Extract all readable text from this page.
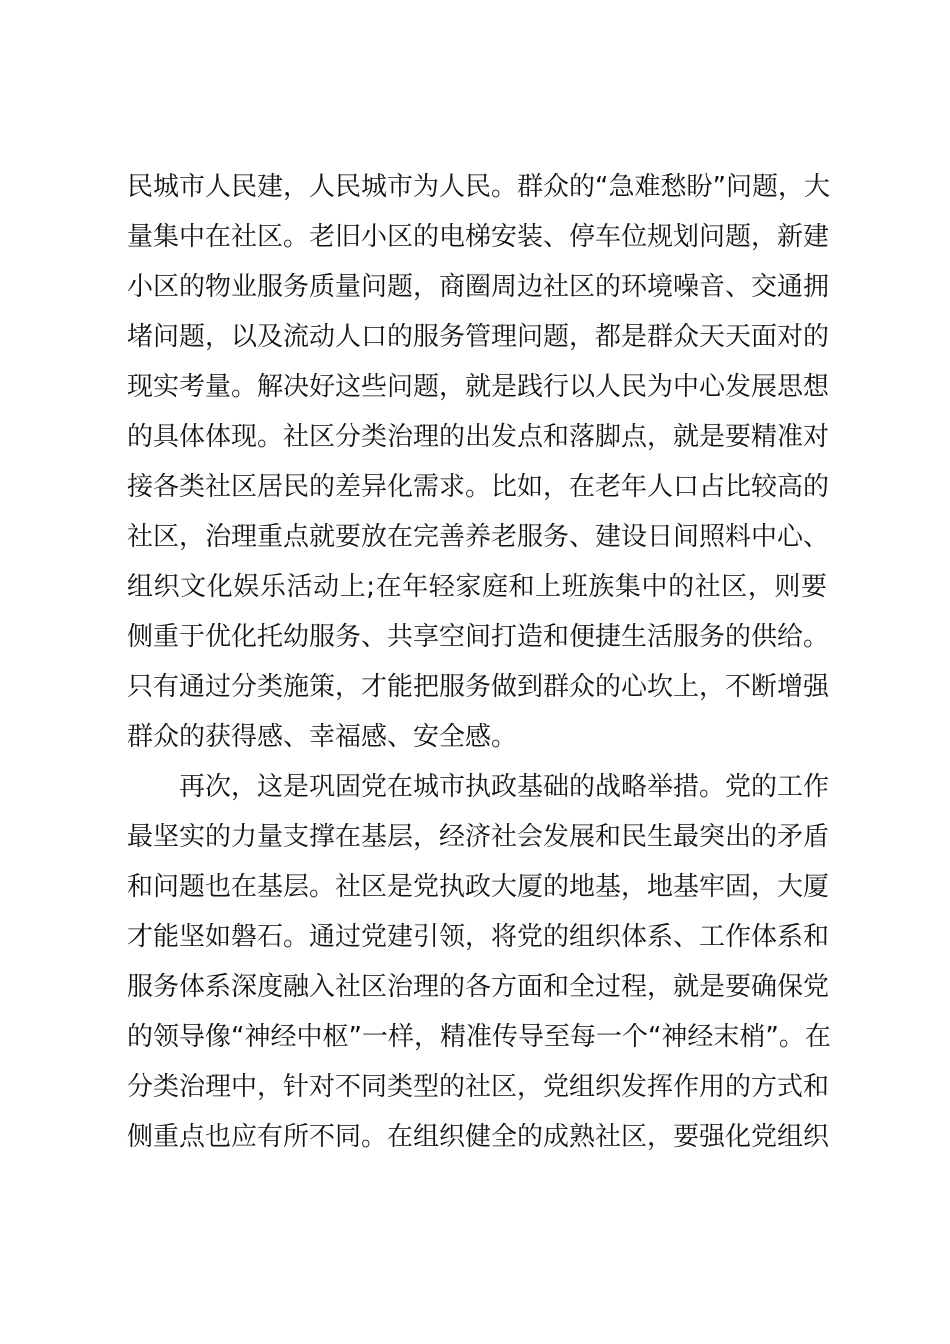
民城市人民建，人民城市为人民。群众的“急难愁盼”问题，大
量集中在社区。老旧小区的电梯安装、停车位规划问题，新建
小区的物业服务质量问题，商圈周边社区的环境噪音、交通拥
堵问题，以及流动人口的服务管理问题，都是群众天天面对的
现实考量。解决好这些问题，就是践行以人民为中心发展思想
的具体体现。社区分类治理的出发点和落脚点，就是要精准对
接各类社区居民的差异化需求。比如，在老年人口占比较高的
社区，治理重点就要放在完善养老服务、建设日间照料中心、
组织文化娱乐活动上;在年轻家庭和上班族集中的社区，则要
侧重于优化托幼服务、共享空间打造和便捷生活服务的供给。
只有通过分类施策，才能把服务做到群众的心坎上，不断增强
群众的获得感、幸福感、安全感。
再次，这是巩固党在城市执政基础的战略举措。党的工作
最坚实的力量支撑在基层，经济社会发展和民生最突出的矛盾
和问题也在基层。社区是党执政大厦的地基，地基牢固，大厦
才能坚如磐石。通过党建引领，将党的组织体系、工作体系和
服务体系深度融入社区治理的各方面和全过程，就是要确保党
的领导像“神经中枢”一样，精准传导至每一个“神经末梢”。在
分类治理中，针对不同类型的社区，党组织发挥作用的方式和
侧重点也应有所不同。在组织健全的成熟社区，要强化党组织
